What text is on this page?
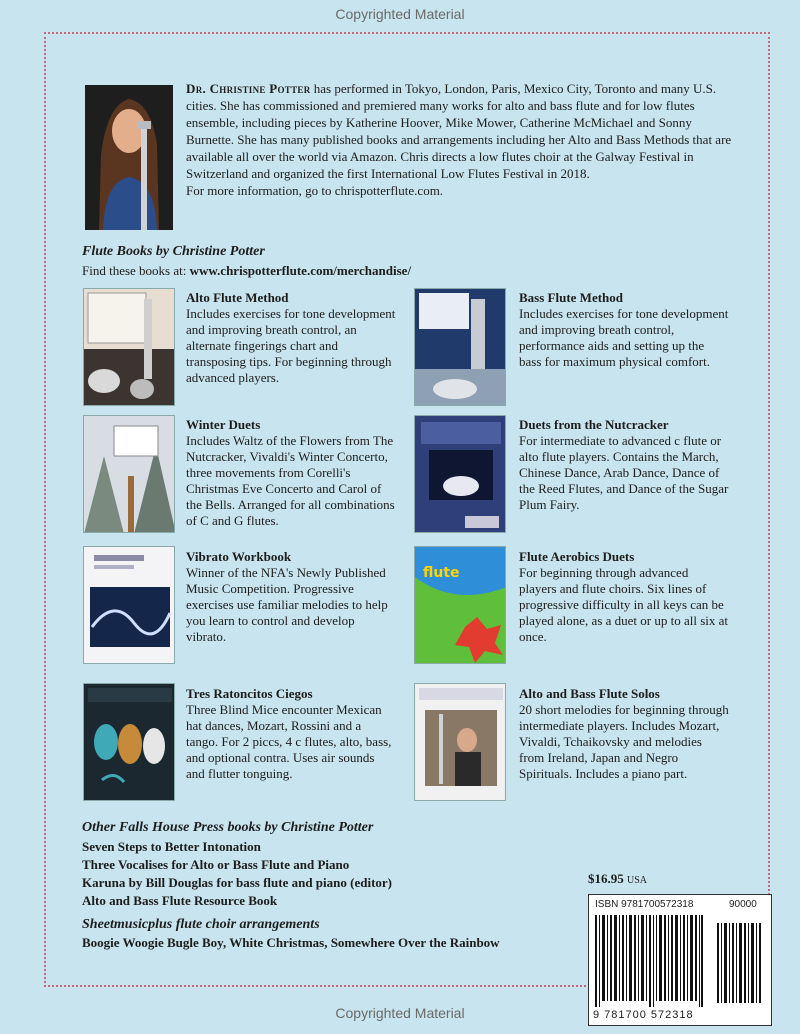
Copyrighted Material

Dr. Christine Potter has performed in Tokyo, London, Paris, Mexico City, Toronto and many U.S. cities. She has commissioned and premiered many works for alto and bass flute and for low flutes ensemble, including pieces by Katherine Hoover, Mike Mower, Catherine McMichael and Sonny Burnette. She has many published books and arrangements including her Alto and Bass Methods that are available all over the world via Amazon. Chris directs a low flutes choir at the Galway Festival in Switzerland and organized the first International Low Flutes Festival in 2018.
For more information, go to chrispotterflute.com.

Flute Books by Christine Potter

Find these books at: www.chrispotterflute.com/merchandise/

Alto Flute Method
Includes exercises for tone development and improving breath control, an alternate fingerings chart and transposing tips. For beginning through advanced players.

Bass Flute Method
Includes exercises for tone development and improving breath control, performance aids and setting up the bass for maximum physical comfort.

Winter Duets
Includes Waltz of the Flowers from The Nutcracker, Vivaldi's Winter Concerto, three movements from Corelli's Christmas Eve Concerto and Carol of the Bells. Arranged for all combinations of C and G flutes.

Duets from the Nutcracker
For intermediate to advanced c flute or alto flute players. Contains the March, Chinese Dance, Arab Dance, Dance of the Reed Flutes, and Dance of the Sugar Plum Fairy.

Vibrato Workbook
Winner of the NFA's Newly Published Music Competition. Progressive exercises use familiar melodies to help you learn to control and develop vibrato.

flute

Flute Aerobics Duets
For beginning through advanced players and flute choirs. Six lines of progressive difficulty in all keys can be played alone, as a duet or up to all six at once.

Tres Ratoncitos Ciegos
Three Blind Mice encounter Mexican hat dances, Mozart, Rossini and a tango. For 2 piccs, 4 c flutes, alto, bass, and optional contra. Uses air sounds and flutter tonguing.

Alto and Bass Flute Solos
20 short melodies for beginning through intermediate players. Includes Mozart, Vivaldi, Tchaikovsky and melodies from Ireland, Japan and Negro Spirituals. Includes a piano part.

Other Falls House Press books by Christine Potter

Seven Steps to Better Intonation
Three Vocalises for Alto or Bass Flute and Piano
Karuna by Bill Douglas for bass flute and piano (editor)
Alto and Bass Flute Resource Book

Sheetmusicplus flute choir arrangements

Boogie Woogie Bugle Boy, White Christmas, Somewhere Over the Rainbow

$16.95 USA
ISBN 9781700572318	90000
9 781700 572318
Copyrighted Material
